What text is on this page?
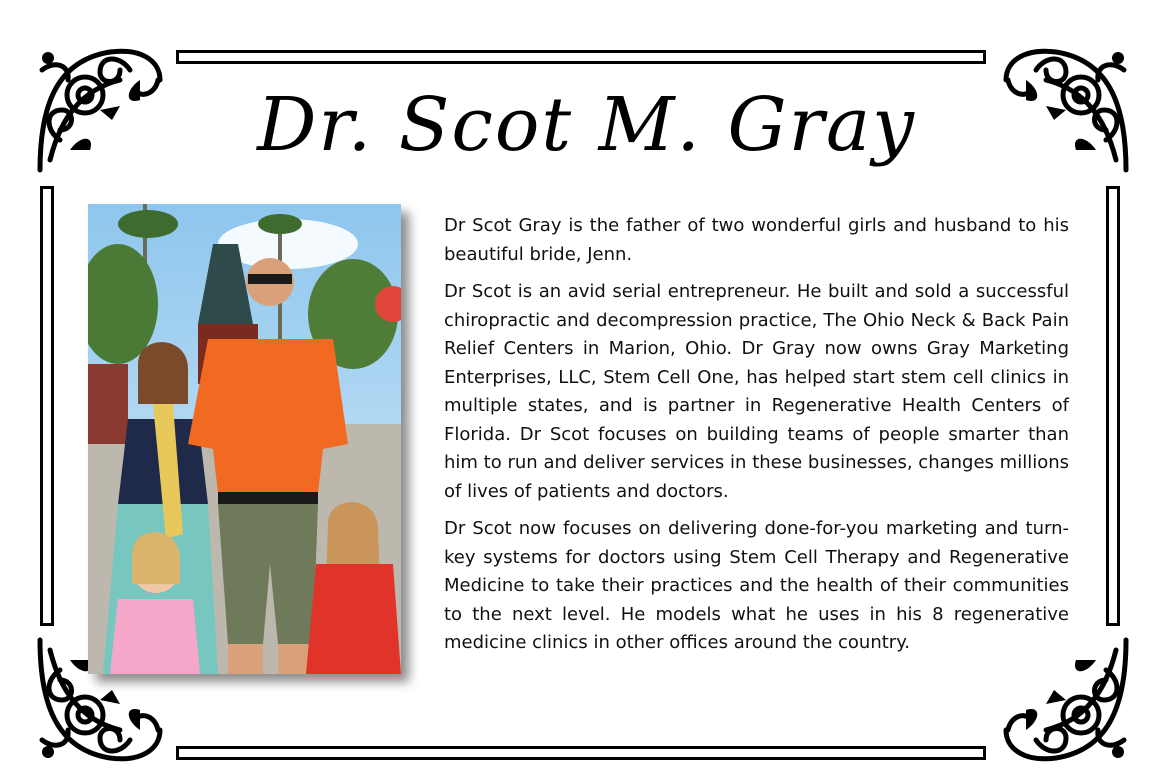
Dr. Scot M. Gray

Dr Scot Gray is the father of two wonderful girls and husband to his beautiful bride, Jenn.

Dr Scot is an avid serial entrepreneur. He built and sold a successful chiropractic and decompression practice, The Ohio Neck & Back Pain Relief Centers in Marion, Ohio. Dr Gray now owns Gray Marketing Enterprises, LLC, Stem Cell One, has helped start stem cell clinics in multiple states, and is partner in Regenerative Health Centers of Florida. Dr Scot focuses on building teams of people smarter than him to run and deliver services in these businesses, changes millions of lives of patients and doctors.

Dr Scot now focuses on delivering done-for-you marketing and turn-key systems for doctors using Stem Cell Therapy and Regenerative Medicine to take their practices and the health of their communities to the next level. He models what he uses in his 8 regenerative medicine clinics in other offices around the country.
